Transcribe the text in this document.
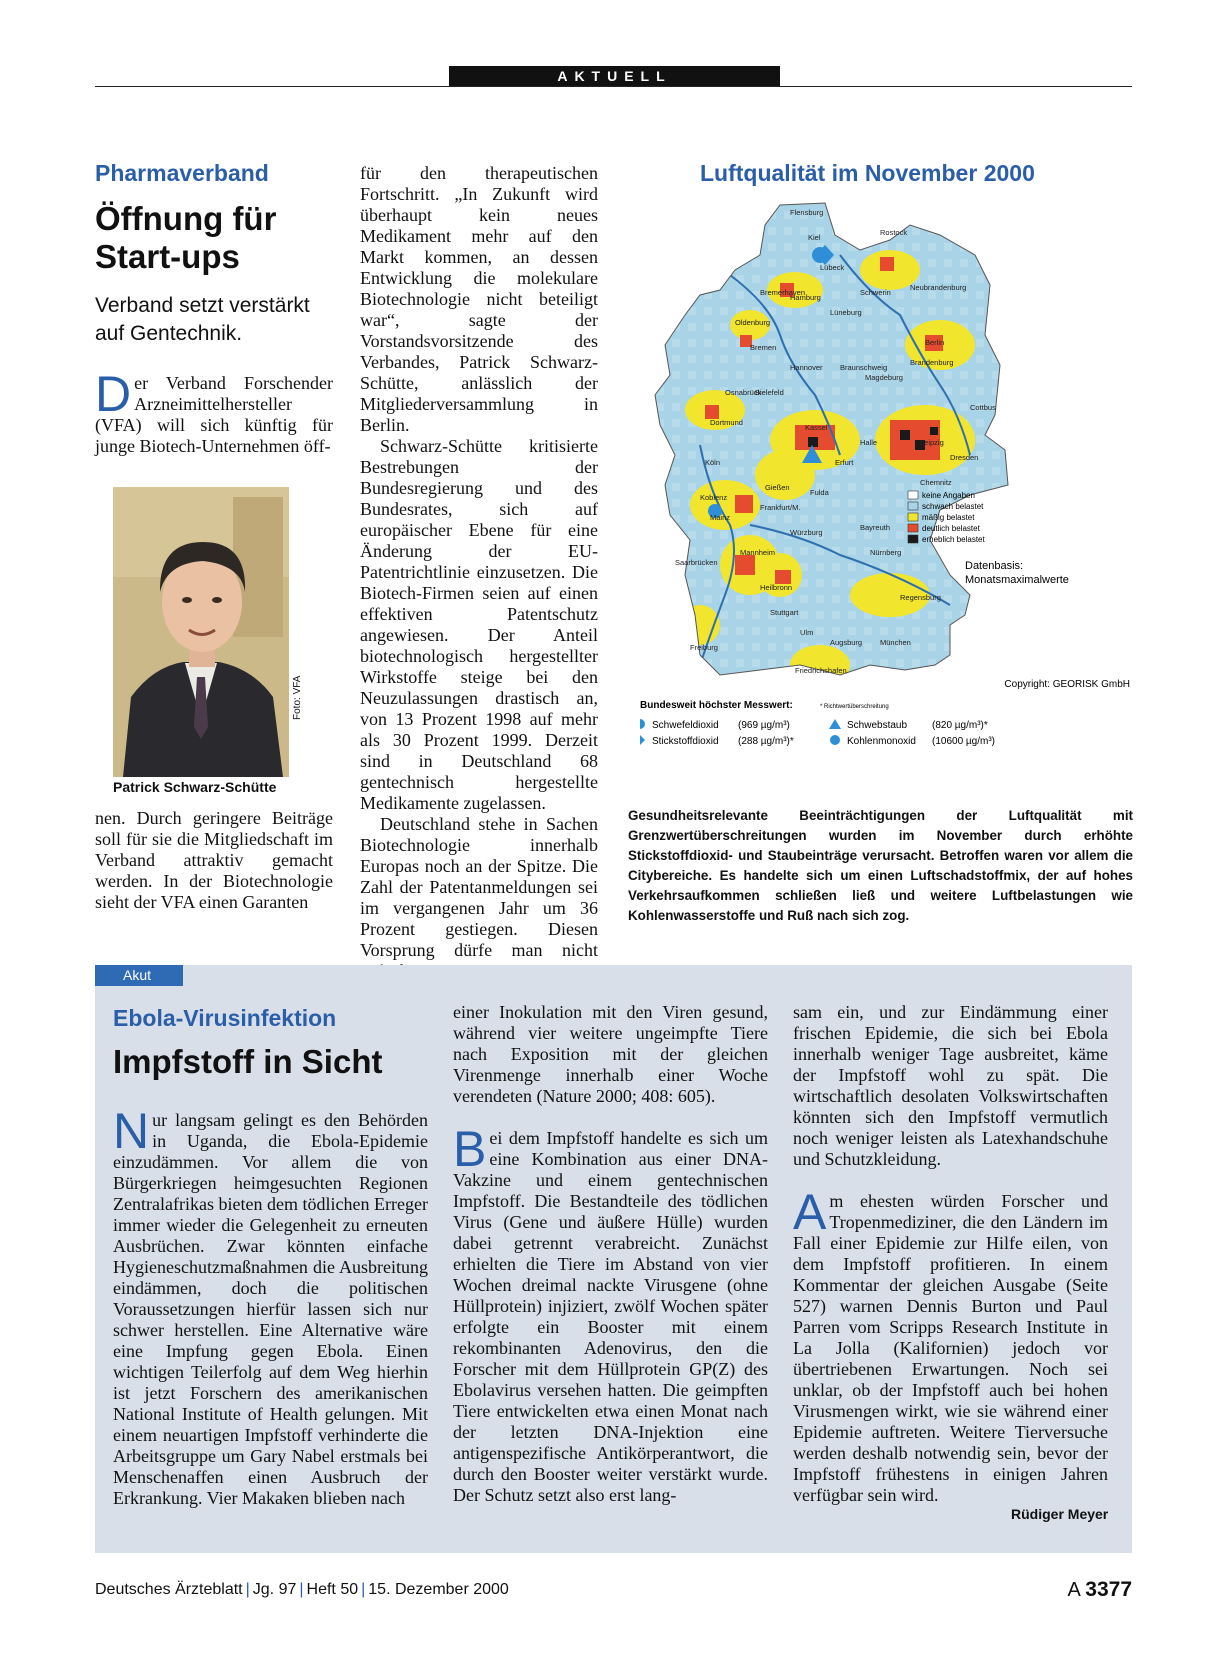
AKTUELL
Pharmaverband
Öffnung für
Start-ups
Verband setzt verstärkt
auf Gentechnik.

Der Verband Forschender Arzneimittelhersteller (VFA) will sich künftig für junge Biotech-Unternehmen öff-

Foto: VFA
Patrick Schwarz-Schütte

nen. Durch geringere Beiträge soll für sie die Mitgliedschaft im Verband attraktiv gemacht werden. In der Biotechnologie sieht der VFA einen Garanten

für den therapeutischen Fortschritt. „In Zukunft wird überhaupt kein neues Medikament mehr auf den Markt kommen, an dessen Entwicklung die molekulare Biotechnologie nicht beteiligt war“, sagte der Vorstandsvorsitzende des Verbandes, Patrick Schwarz-Schütte, anlässlich der Mitgliederversammlung in Berlin.

Schwarz-Schütte kritisierte Bestrebungen der Bundesregierung und des Bundesrates, sich auf europäischer Ebene für eine Änderung der EU-Patentrichtlinie einzusetzen. Die Biotech-Firmen seien auf einen effektiven Patentschutz angewiesen. Der Anteil biotechnologisch hergestellter Wirkstoffe steige bei den Neuzulassungen drastisch an, von 13 Prozent 1998 auf mehr als 30 Prozent 1999. Derzeit sind in Deutschland 68 gentechnisch hergestellte Medikamente zugelassen.

Deutschland stehe in Sachen Biotechnologie innerhalb Europas noch an der Spitze. Die Zahl der Patentanmeldungen sei im vergangenen Jahr um 36 Prozent gestiegen. Diesen Vorsprung dürfe man nicht

Luftqualität im November 2000
keine Angaben
schwach belastet
mäßig belastet
deutlich belastet
erheblich belastet
Flensburg
Kiel
Lübeck
Rostock
Bremerhaven
Hamburg
Schwerin
Neubrandenburg
Lüneburg
Oldenburg
Berlin
Bremen
Osnabrück
Hannover Braunschweig
Magdeburg
Brandenburg
Bielefeld
Cottbus
Dortmund
Kassel
Halle	Leipzig
Dresden
Köln	Erfurt
Chemnitz
Gießen
Koblenz
Frankfurt/M.
Fulda
Mainz
Würzburg
Bayreuth
Mannheim
Saarbrücken
Nürnberg
Heilbronn
Stuttgart
Regensburg
Ulm
Augsburg
Freiburg
München
Friedrichshafen
Datenbasis:
Monatsmaximalwerte
Copyright: GEORISK GmbH
Bundesweit höchster Messwert:	* Richtwertüberschreitung
Schwefeldioxid (969 µg/m³)
Stickstoffdioxid (288 µg/m³)*
Schwebstaub (820 µg/m³)*
Kohlenmonoxid (10600 µg/m³)
Gesundheitsrelevante Beeinträchtigungen der Luftqualität mit Grenzwertüberschreitungen wurden im November durch erhöhte Stickstoffdioxid- und Staubeinträge verursacht. Betroffen waren vor allem die Citybereiche. Es handelte sich um einen Luftschadstoffmix, der auf hohes Verkehrsaufkommen schließen ließ und weitere Luftbelastungen wie Kohlenwasserstoffe und Ruß nach sich zog.
Akut
Ebola-Virusinfektion
Impfstoff in Sicht

Nur langsam gelingt es den Behörden in Uganda, die Ebola-Epidemie einzudämmen. Vor allem die von Bürgerkriegen heimgesuchten Regionen Zentralafrikas bieten dem tödlichen Erreger immer wieder die Gelegenheit zu erneuten Ausbrüchen. Zwar könnten einfache Hygieneschutzmaßnahmen die Ausbreitung eindämmen, doch die politischen Voraussetzungen hierfür lassen sich nur schwer herstellen. Eine Alternative wäre eine Impfung gegen Ebola. Einen wichtigen Teilerfolg auf dem Weg hierhin ist jetzt Forschern des amerikanischen National Institute of Health gelungen. Mit einem neuartigen Impfstoff verhinderte die Arbeitsgruppe um Gary Nabel erstmals bei Menschenaffen einen Ausbruch der Erkrankung. Vier Makaken blieben nach

einer Inokulation mit den Viren gesund, während vier weitere ungeimpfte Tiere nach Exposition mit der gleichen Virenmenge innerhalb einer Woche verendeten (Nature 2000; 408: 605).

Bei dem Impfstoff handelte es sich um eine Kombination aus einer DNA-Vakzine und einem gentechnischen Impfstoff. Die Bestandteile des tödlichen Virus (Gene und äußere Hülle) wurden dabei getrennt verabreicht. Zunächst erhielten die Tiere im Abstand von vier Wochen dreimal nackte Virusgene (ohne Hüllprotein) injiziert, zwölf Wochen später erfolgte ein Booster mit einem rekombinanten Adenovirus, den die Forscher mit dem Hüllprotein GP(Z) des Ebolavirus versehen hatten. Die geimpften Tiere entwickelten etwa einen Monat nach der letzten DNA-Injektion eine antigenspezifische Antikörperantwort, die durch den Booster weiter verstärkt wurde. Der Schutz setzt also erst lang-

sam ein, und zur Eindämmung einer frischen Epidemie, die sich bei Ebola innerhalb weniger Tage ausbreitet, käme der Impfstoff wohl zu spät. Die wirtschaftlich desolaten Volkswirtschaften könnten sich den Impfstoff vermutlich noch weniger leisten als Latexhandschuhe und Schutzkleidung.

Am ehesten würden Forscher und Tropenmediziner, die den Ländern im Fall einer Epidemie zur Hilfe eilen, von dem Impfstoff profitieren. In einem Kommentar der gleichen Ausgabe (Seite 527) warnen Dennis Burton und Paul Parren vom Scripps Research Institute in La Jolla (Kalifornien) jedoch vor übertriebenen Erwartungen. Noch sei unklar, ob der Impfstoff auch bei hohen Virusmengen wirkt, wie sie während einer Epidemie auftreten. Weitere Tierversuche werden deshalb notwendig sein, bevor der Impfstoff frühestens in einigen Jahren verfügbar sein wird.

Rüdiger Meyer
Deutsches Ärzteblatt | Jg. 97 | Heft 50 | 15. Dezember 2000	A 3377
